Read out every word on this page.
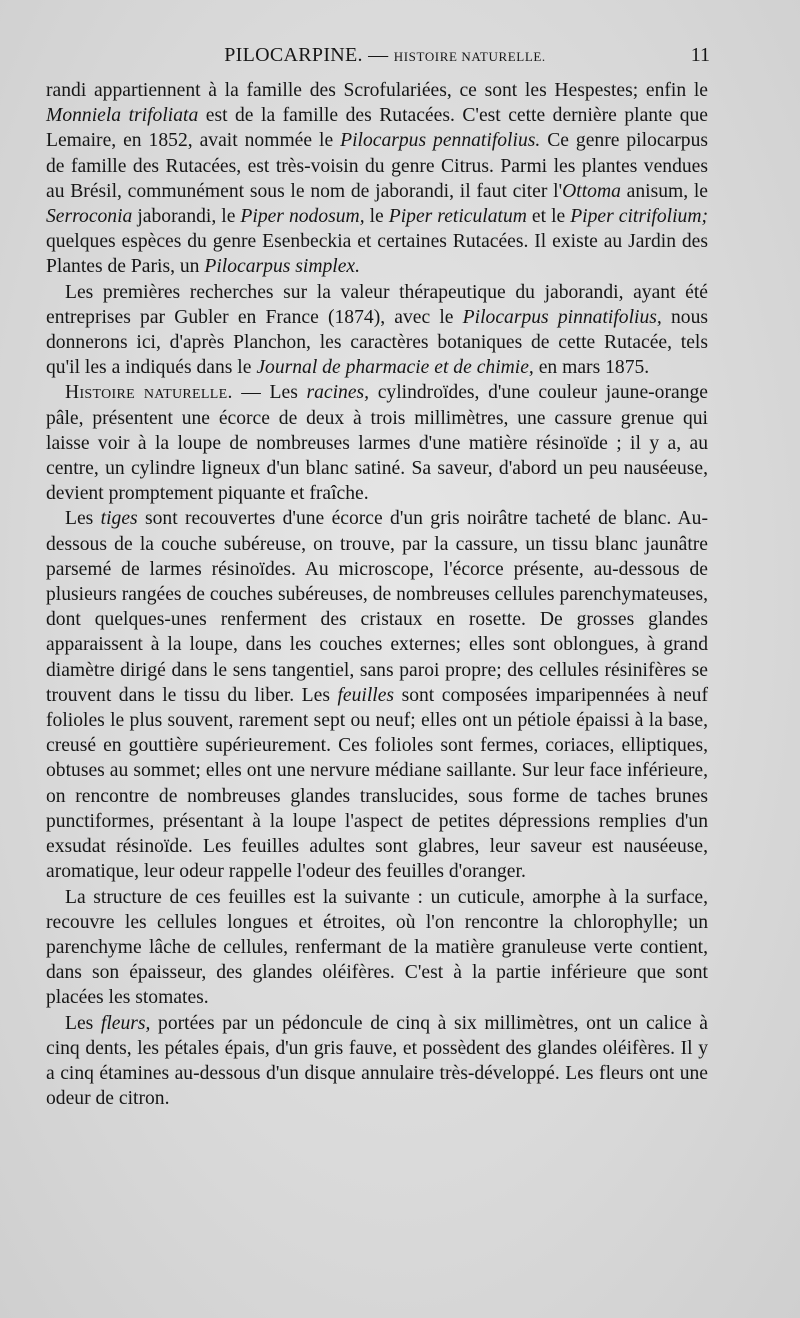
PILOCARPINE. — HISTOIRE NATURELLE.	11

randi appartiennent à la famille des Scrofulariées, ce sont les Hespestes; enfin le Monniela trifoliata est de la famille des Rutacées. C'est cette dernière plante que Lemaire, en 1852, avait nommée le Pilocarpus pennatifolius. Ce genre pilocarpus de famille des Rutacées, est très-voisin du genre Citrus. Parmi les plantes vendues au Brésil, communément sous le nom de jaborandi, il faut citer l'Ottoma anisum, le Serroconia jaborandi, le Piper nodosum, le Piper reticulatum et le Piper citrifolium; quelques espèces du genre Esenbeckia et certaines Rutacées. Il existe au Jardin des Plantes de Paris, un Pilocarpus simplex.

Les premières recherches sur la valeur thérapeutique du jaborandi, ayant été entreprises par Gubler en France (1874), avec le Pilocarpus pinnatifolius, nous donnerons ici, d'après Planchon, les caractères botaniques de cette Rutacée, tels qu'il les a indiqués dans le Journal de pharmacie et de chimie, en mars 1875.

Histoire naturelle. — Les racines, cylindroïdes, d'une couleur jaune-orange pâle, présentent une écorce de deux à trois millimètres, une cassure grenue qui laisse voir à la loupe de nombreuses larmes d'une matière résinoïde ; il y a, au centre, un cylindre ligneux d'un blanc satiné. Sa saveur, d'abord un peu nauséeuse, devient promptement piquante et fraîche.

Les tiges sont recouvertes d'une écorce d'un gris noirâtre tacheté de blanc. Au-dessous de la couche subéreuse, on trouve, par la cassure, un tissu blanc jaunâtre parsemé de larmes résinoïdes. Au microscope, l'écorce présente, au-dessous de plusieurs rangées de couches subéreuses, de nombreuses cellules parenchymateuses, dont quelques-unes renferment des cristaux en rosette. De grosses glandes apparaissent à la loupe, dans les couches externes; elles sont oblongues, à grand diamètre dirigé dans le sens tangentiel, sans paroi propre; des cellules résinifères se trouvent dans le tissu du liber. Les feuilles sont composées imparipennées à neuf folioles le plus souvent, rarement sept ou neuf; elles ont un pétiole épaissi à la base, creusé en gouttière supérieurement. Ces folioles sont fermes, coriaces, elliptiques, obtuses au sommet; elles ont une nervure médiane saillante. Sur leur face inférieure, on rencontre de nombreuses glandes translucides, sous forme de taches brunes punctiformes, présentant à la loupe l'aspect de petites dépressions remplies d'un exsudat résinoïde. Les feuilles adultes sont glabres, leur saveur est nauséeuse, aromatique, leur odeur rappelle l'odeur des feuilles d'oranger.

La structure de ces feuilles est la suivante : un cuticule, amorphe à la surface, recouvre les cellules longues et étroites, où l'on rencontre la chlorophylle; un parenchyme lâche de cellules, renfermant de la matière granuleuse verte contient, dans son épaisseur, des glandes oléifères. C'est à la partie inférieure que sont placées les stomates.

Les fleurs, portées par un pédoncule de cinq à six millimètres, ont un calice à cinq dents, les pétales épais, d'un gris fauve, et possèdent des glandes oléifères. Il y a cinq étamines au-dessous d'un disque annulaire très-développé. Les fleurs ont une odeur de citron.
